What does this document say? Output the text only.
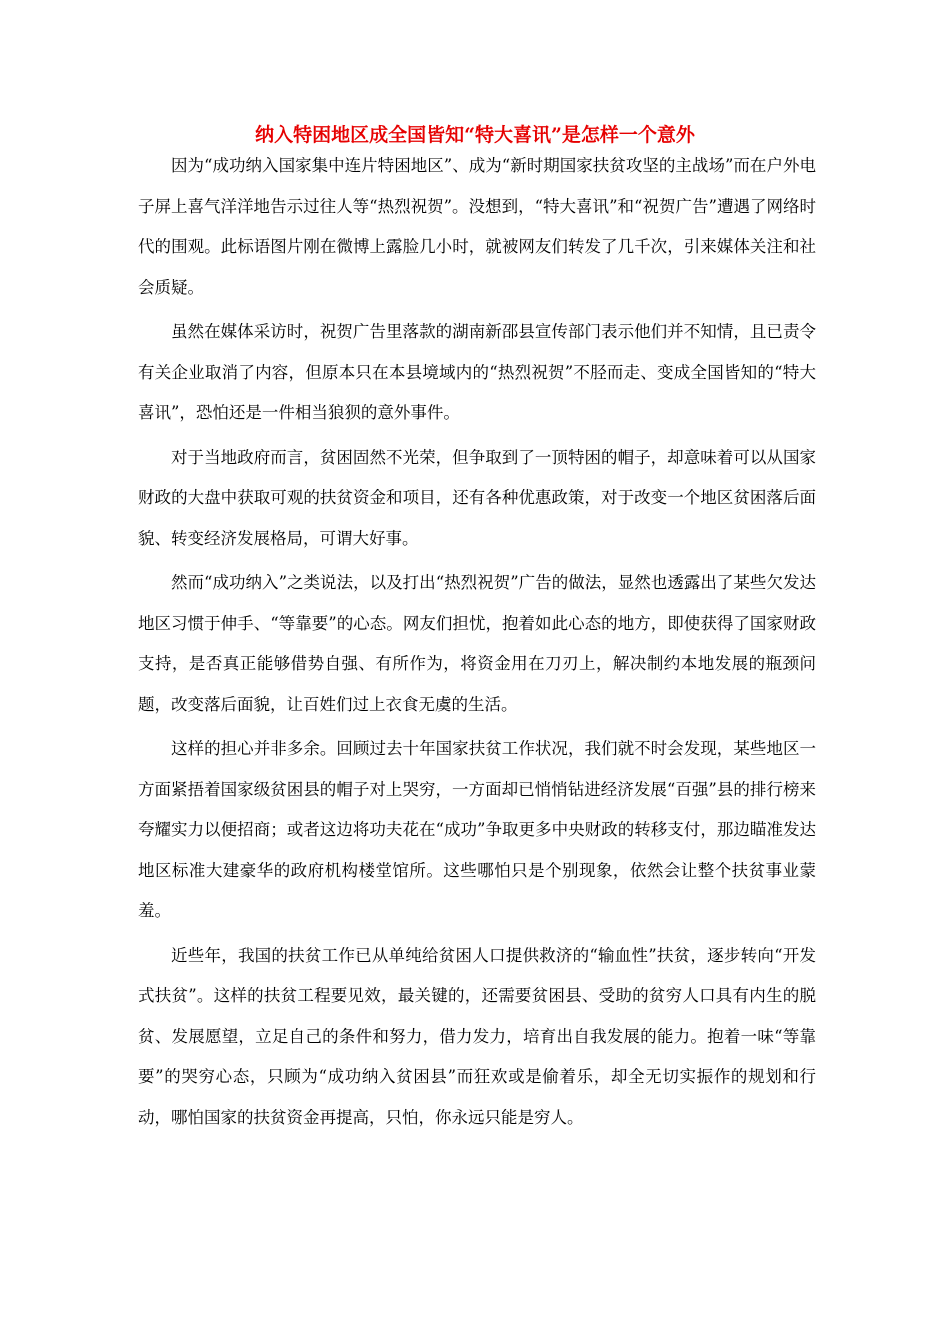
纳入特困地区成全国皆知“特大喜讯”是怎样一个意外

因为“成功纳入国家集中连片特困地区”、成为“新时期国家扶贫攻坚的主战场”而在户外电子屏上喜气洋洋地告示过往人等“热烈祝贺”。没想到，“特大喜讯”和“祝贺广告”遭遇了网络时代的围观。此标语图片刚在微博上露脸几小时，就被网友们转发了几千次，引来媒体关注和社会质疑。

虽然在媒体采访时，祝贺广告里落款的湖南新邵县宣传部门表示他们并不知情，且已责令有关企业取消了内容，但原本只在本县境域内的“热烈祝贺”不胫而走、变成全国皆知的“特大喜讯”，恐怕还是一件相当狼狈的意外事件。

对于当地政府而言，贫困固然不光荣，但争取到了一顶特困的帽子，却意味着可以从国家财政的大盘中获取可观的扶贫资金和项目，还有各种优惠政策，对于改变一个地区贫困落后面貌、转变经济发展格局，可谓大好事。

然而“成功纳入”之类说法，以及打出“热烈祝贺”广告的做法，显然也透露出了某些欠发达地区习惯于伸手、“等靠要”的心态。网友们担忧，抱着如此心态的地方，即使获得了国家财政支持，是否真正能够借势自强、有所作为，将资金用在刀刃上，解决制约本地发展的瓶颈问题，改变落后面貌，让百姓们过上衣食无虞的生活。

这样的担心并非多余。回顾过去十年国家扶贫工作状况，我们就不时会发现，某些地区一方面紧捂着国家级贫困县的帽子对上哭穷，一方面却已悄悄钻进经济发展“百强”县的排行榜来夸耀实力以便招商；或者这边将功夫花在“成功”争取更多中央财政的转移支付，那边瞄准发达地区标准大建豪华的政府机构楼堂馆所。这些哪怕只是个别现象，依然会让整个扶贫事业蒙羞。

近些年，我国的扶贫工作已从单纯给贫困人口提供救济的“输血性”扶贫，逐步转向“开发式扶贫”。这样的扶贫工程要见效，最关键的，还需要贫困县、受助的贫穷人口具有内生的脱贫、发展愿望，立足自己的条件和努力，借力发力，培育出自我发展的能力。抱着一味“等靠要”的哭穷心态，只顾为“成功纳入贫困县”而狂欢或是偷着乐，却全无切实振作的规划和行动，哪怕国家的扶贫资金再提高，只怕，你永远只能是穷人。
